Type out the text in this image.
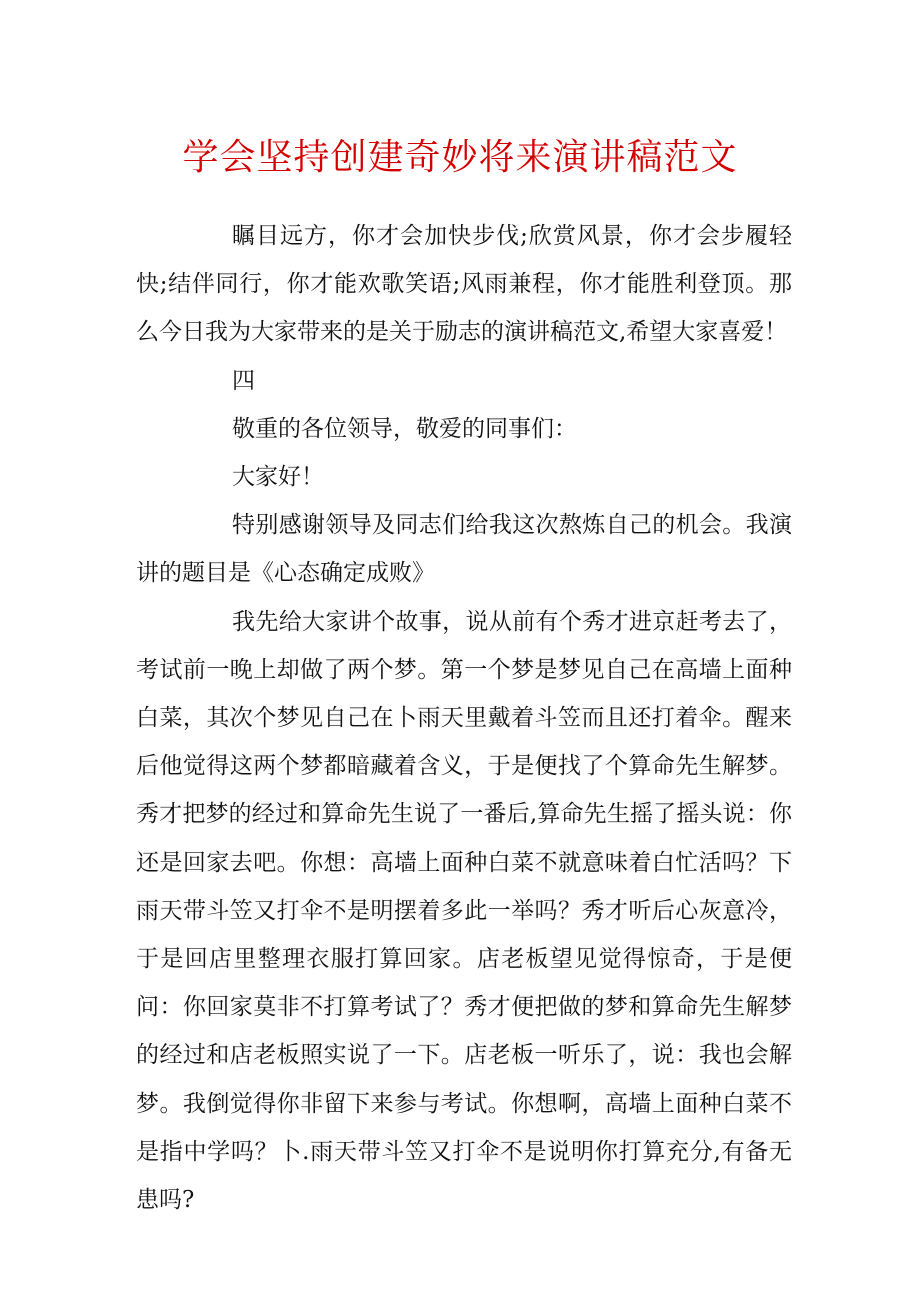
学会坚持创建奇妙将来演讲稿范文

瞩目远方，你才会加快步伐;欣赏风景，你才会步履轻快;结伴同行，你才能欢歌笑语;风雨兼程，你才能胜利登顶。那么今日我为大家带来的是关于励志的演讲稿范文,希望大家喜爱！

四

敬重的各位领导，敬爱的同事们：

大家好！

特别感谢领导及同志们给我这次熬炼自己的机会。我演讲的题目是《心态确定成败》

我先给大家讲个故事，说从前有个秀才进京赶考去了，考试前一晚上却做了两个梦。第一个梦是梦见自己在高墙上面种白菜，其次个梦见自己在卜雨天里戴着斗笠而且还打着伞。醒来后他觉得这两个梦都暗藏着含义，于是便找了个算命先生解梦。秀才把梦的经过和算命先生说了一番后,算命先生摇了摇头说：你还是回家去吧。你想：高墙上面种白菜不就意味着白忙活吗？下雨天带斗笠又打伞不是明摆着多此一举吗？秀才听后心灰意冷，于是回店里整理衣服打算回家。店老板望见觉得惊奇，于是便问：你回家莫非不打算考试了？秀才便把做的梦和算命先生解梦的经过和店老板照实说了一下。店老板一听乐了，说：我也会解梦。我倒觉得你非留下来参与考试。你想啊，高墙上面种白菜不是指中学吗？卜.雨天带斗笠又打伞不是说明你打算充分,有备无患吗?
